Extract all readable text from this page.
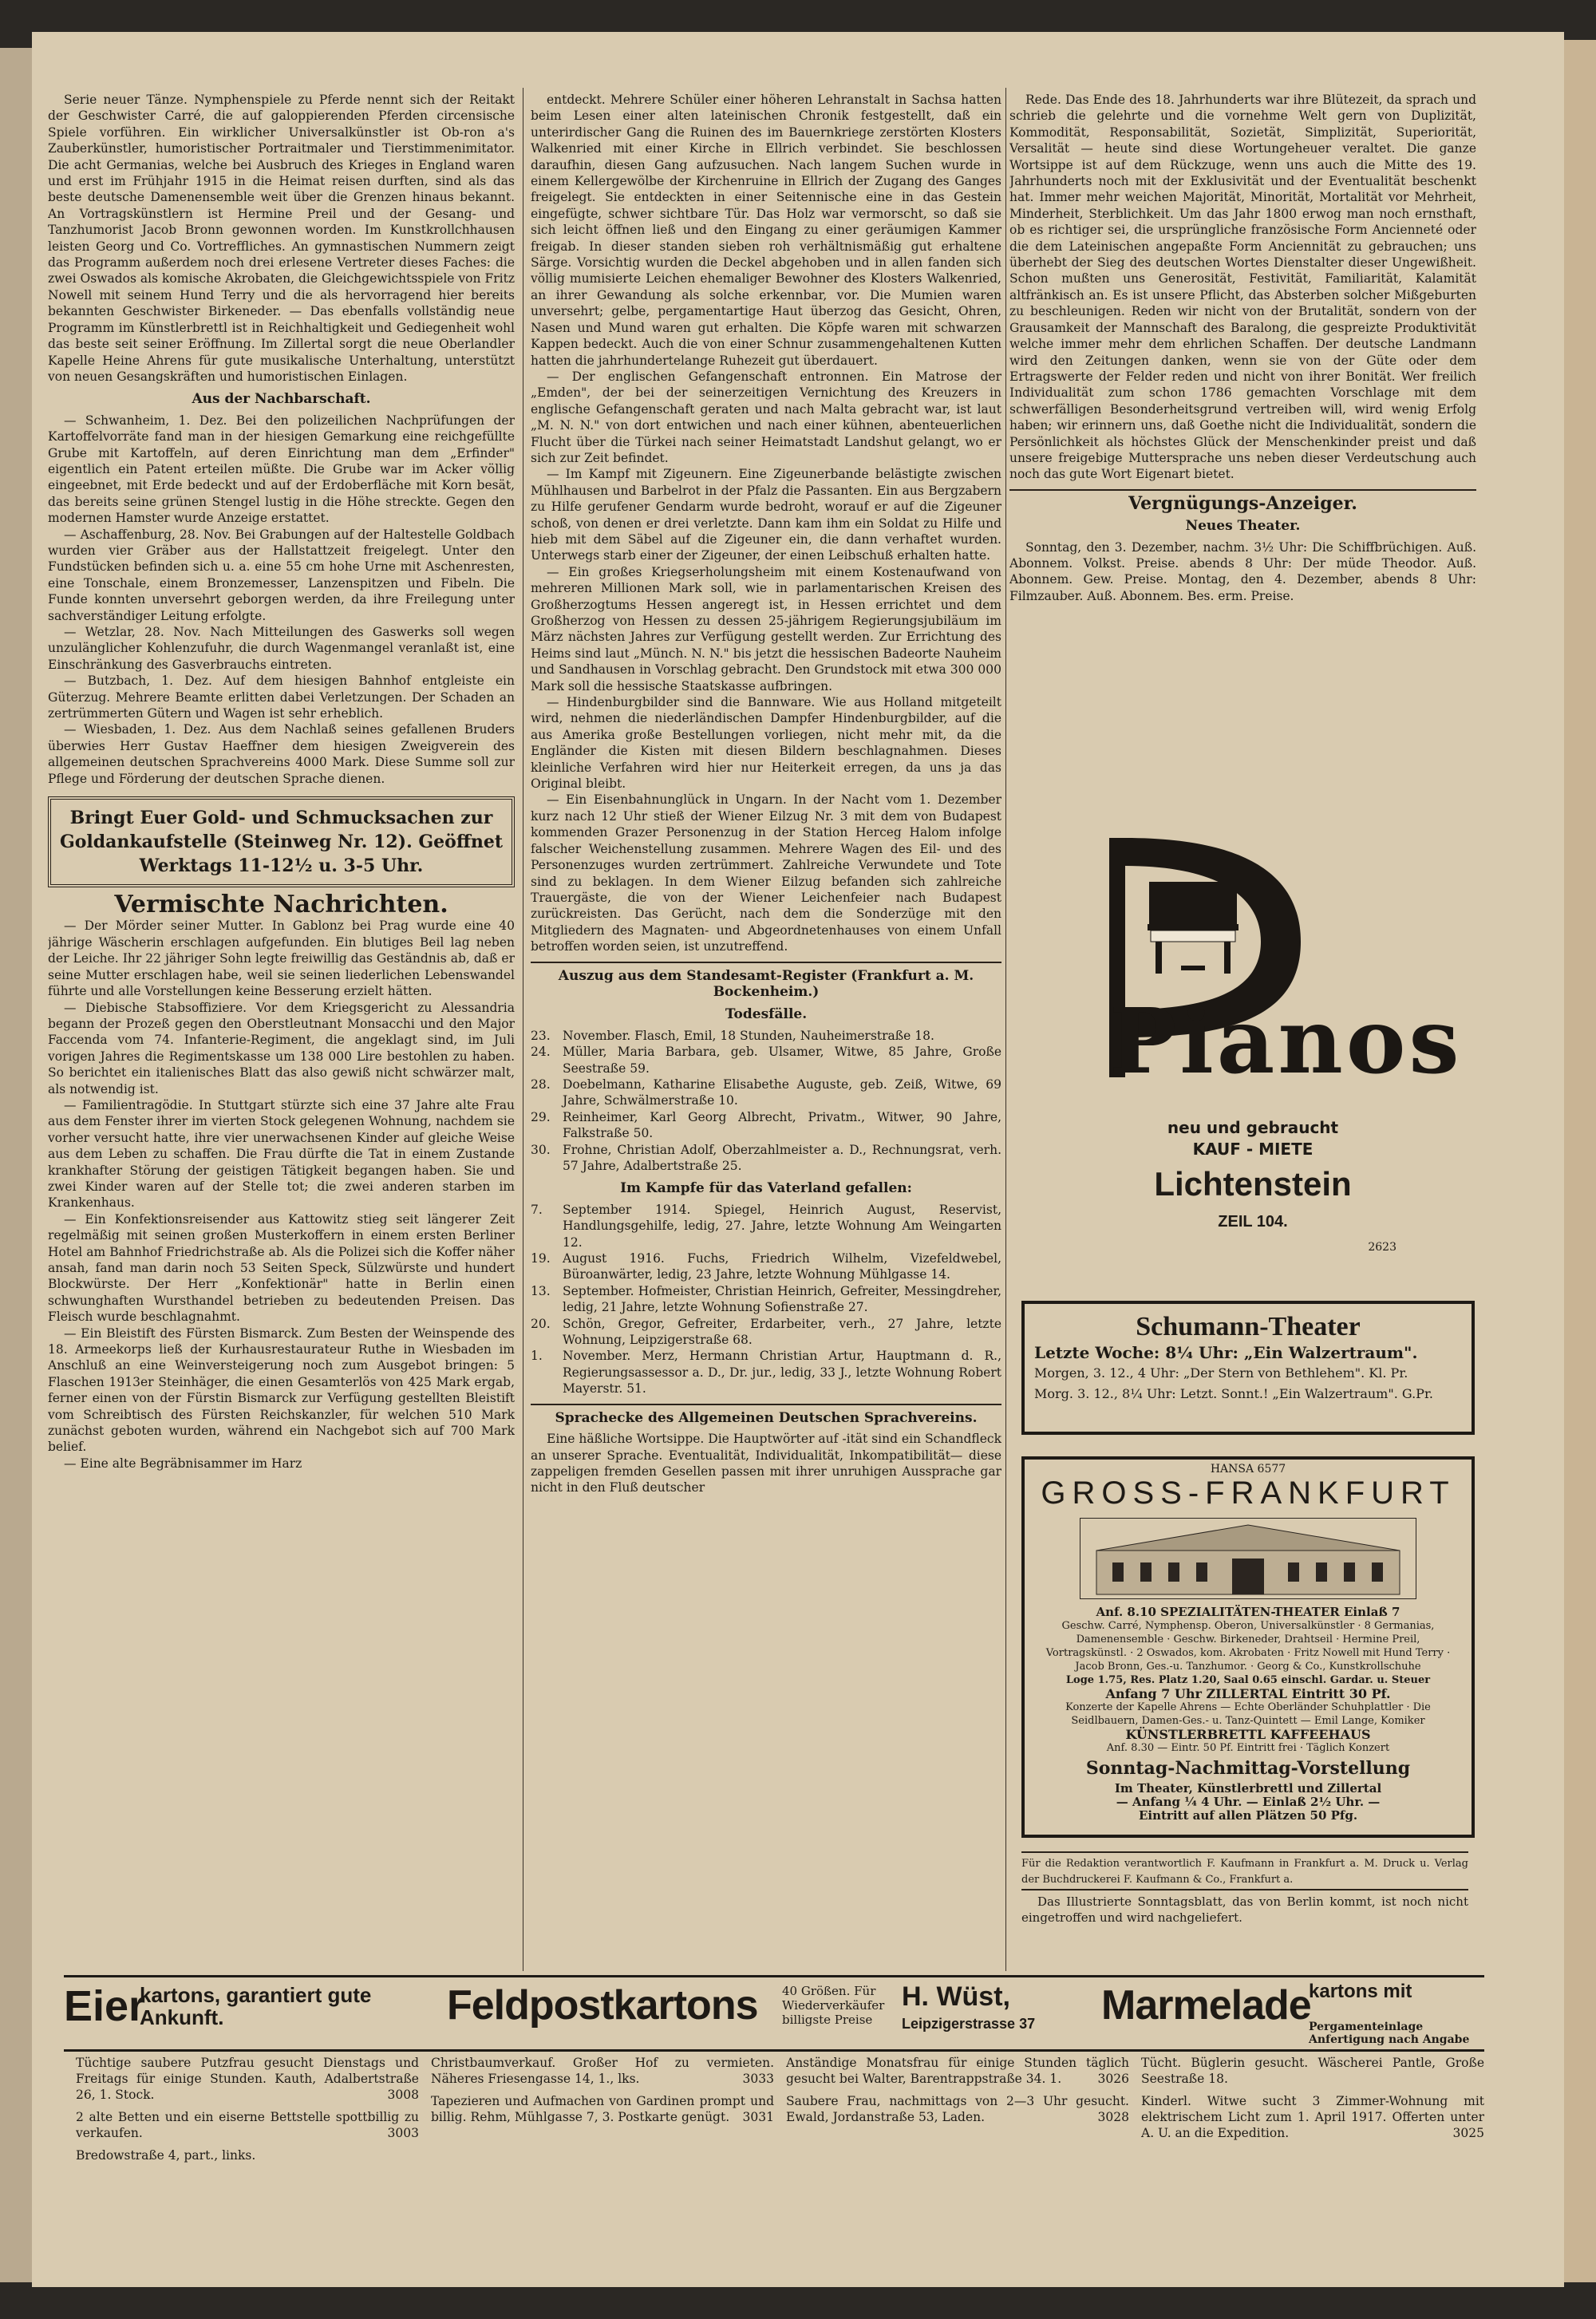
Serie neuer Tänze. Nymphenspiele zu Pferde nennt sich der Reitakt der Geschwister Carré, die auf galoppierenden Pferden circensische Spiele vorführen. Ein wirklicher Universalkünstler ist Ob-ron a's Zauberkünstler, humoristischer Portraitmaler und Tierstimmenimitator. Die acht Germanias, welche bei Ausbruch des Krieges in England waren und erst im Frühjahr 1915 in die Heimat reisen durften, sind als das beste deutsche Damenensemble weit über die Grenzen hinaus bekannt. An Vortragskünstlern ist Hermine Preil und der Gesang- und Tanzhumorist Jacob Bronn gewonnen worden. Im Kunstkrollchhausen leisten Georg und Co. Vortreffliches. An gymnastischen Nummern zeigt das Programm außerdem noch drei erlesene Vertreter dieses Faches: die zwei Oswados als komische Akrobaten, die Gleichgewichtsspiele von Fritz Nowell mit seinem Hund Terry und die als hervorragend hier bereits bekannten Geschwister Birkeneder. — Das ebenfalls vollständig neue Programm im Künstlerbrettl ist in Reichhaltigkeit und Gediegenheit wohl das beste seit seiner Eröffnung. Im Zillertal sorgt die neue Oberlandler Kapelle Heine Ahrens für gute musikalische Unterhaltung, unterstützt von neuen Gesangskräften und humoristischen Einlagen.

Aus der Nachbarschaft.

— Schwanheim, 1. Dez. Bei den polizeilichen Nachprüfungen der Kartoffelvorräte fand man in der hiesigen Gemarkung eine reichgefüllte Grube mit Kartoffeln, auf deren Einrichtung man dem „Erfinder" eigentlich ein Patent erteilen müßte. Die Grube war im Acker völlig eingeebnet, mit Erde bedeckt und auf der Erdoberfläche mit Korn besät, das bereits seine grünen Stengel lustig in die Höhe streckte. Gegen den modernen Hamster wurde Anzeige erstattet.

— Aschaffenburg, 28. Nov. Bei Grabungen auf der Haltestelle Goldbach wurden vier Gräber aus der Hallstattzeit freigelegt. Unter den Fundstücken befinden sich u. a. eine 55 cm hohe Urne mit Aschenresten, eine Tonschale, einem Bronzemesser, Lanzenspitzen und Fibeln. Die Funde konnten unversehrt geborgen werden, da ihre Freilegung unter sachverständiger Leitung erfolgte.

— Wetzlar, 28. Nov. Nach Mitteilungen des Gaswerks soll wegen unzulänglicher Kohlenzufuhr, die durch Wagenmangel veranlaßt ist, eine Einschränkung des Gasverbrauchs eintreten.

— Butzbach, 1. Dez. Auf dem hiesigen Bahnhof entgleiste ein Güterzug. Mehrere Beamte erlitten dabei Verletzungen. Der Schaden an zertrümmerten Gütern und Wagen ist sehr erheblich.

— Wiesbaden, 1. Dez. Aus dem Nachlaß seines gefallenen Bruders überwies Herr Gustav Haeffner dem hiesigen Zweigverein des allgemeinen deutschen Sprachvereins 4000 Mark. Diese Summe soll zur Pflege und Förderung der deutschen Sprache dienen.

Bringt Euer Gold- und Schmucksachen zur Goldankaufstelle (Steinweg Nr. 12). Geöffnet Werktags 11-12½ u. 3-5 Uhr.
Vermischte Nachrichten.

— Der Mörder seiner Mutter. In Gablonz bei Prag wurde eine 40 jährige Wäscherin erschlagen aufgefunden. Ein blutiges Beil lag neben der Leiche. Ihr 22 jähriger Sohn legte freiwillig das Geständnis ab, daß er seine Mutter erschlagen habe, weil sie seinen liederlichen Lebenswandel führte und alle Vorstellungen keine Besserung erzielt hätten.

— Diebische Stabsoffiziere. Vor dem Kriegsgericht zu Alessandria begann der Prozeß gegen den Oberstleutnant Monsacchi und den Major Faccenda vom 74. Infanterie-Regiment, die angeklagt sind, im Juli vorigen Jahres die Regimentskasse um 138 000 Lire bestohlen zu haben. So berichtet ein italienisches Blatt das also gewiß nicht schwärzer malt, als notwendig ist.

— Familientragödie. In Stuttgart stürzte sich eine 37 Jahre alte Frau aus dem Fenster ihrer im vierten Stock gelegenen Wohnung, nachdem sie vorher versucht hatte, ihre vier unerwachsenen Kinder auf gleiche Weise aus dem Leben zu schaffen. Die Frau dürfte die Tat in einem Zustande krankhafter Störung der geistigen Tätigkeit begangen haben. Sie und zwei Kinder waren auf der Stelle tot; die zwei anderen starben im Krankenhaus.

— Ein Konfektionsreisender aus Kattowitz stieg seit längerer Zeit regelmäßig mit seinen großen Musterkoffern in einem ersten Berliner Hotel am Bahnhof Friedrichstraße ab. Als die Polizei sich die Koffer näher ansah, fand man darin noch 53 Seiten Speck, Sülzwürste und hundert Blockwürste. Der Herr „Konfektionär" hatte in Berlin einen schwunghaften Wursthandel betrieben zu bedeutenden Preisen. Das Fleisch wurde beschlagnahmt.

— Ein Bleistift des Fürsten Bismarck. Zum Besten der Weinspende des 18. Armeekorps ließ der Kurhausrestaurateur Ruthe in Wiesbaden im Anschluß an eine Weinversteigerung noch zum Ausgebot bringen: 5 Flaschen 1913er Steinhäger, die einen Gesamterlös von 425 Mark ergab, ferner einen von der Fürstin Bismarck zur Verfügung gestellten Bleistift vom Schreibtisch des Fürsten Reichskanzler, für welchen 510 Mark zunächst geboten wurden, während ein Nachgebot sich auf 700 Mark belief.

— Eine alte Begräbnisammer im Harz

entdeckt. Mehrere Schüler einer höheren Lehranstalt in Sachsa hatten beim Lesen einer alten lateinischen Chronik festgestellt, daß ein unterirdischer Gang die Ruinen des im Bauernkriege zerstörten Klosters Walkenried mit einer Kirche in Ellrich verbindet. Sie beschlossen daraufhin, diesen Gang aufzusuchen. Nach langem Suchen wurde in einem Kellergewölbe der Kirchenruine in Ellrich der Zugang des Ganges freigelegt. Sie entdeckten in einer Seitennische eine in das Gestein eingefügte, schwer sichtbare Tür. Das Holz war vermorscht, so daß sie sich leicht öffnen ließ und den Eingang zu einer geräumigen Kammer freigab. In dieser standen sieben roh verhältnismäßig gut erhaltene Särge. Vorsichtig wurden die Deckel abgehoben und in allen fanden sich völlig mumisierte Leichen ehemaliger Bewohner des Klosters Walkenried, an ihrer Gewandung als solche erkennbar, vor. Die Mumien waren unversehrt; gelbe, pergamentartige Haut überzog das Gesicht, Ohren, Nasen und Mund waren gut erhalten. Die Köpfe waren mit schwarzen Kappen bedeckt. Auch die von einer Schnur zusammengehaltenen Kutten hatten die jahrhundertelange Ruhezeit gut überdauert.

— Der englischen Gefangenschaft entronnen. Ein Matrose der „Emden", der bei der seinerzeitigen Vernichtung des Kreuzers in englische Gefangenschaft geraten und nach Malta gebracht war, ist laut „M. N. N." von dort entwichen und nach einer kühnen, abenteuerlichen Flucht über die Türkei nach seiner Heimatstadt Landshut gelangt, wo er sich zur Zeit befindet.

— Im Kampf mit Zigeunern. Eine Zigeunerbande belästigte zwischen Mühlhausen und Barbelrot in der Pfalz die Passanten. Ein aus Bergzabern zu Hilfe gerufener Gendarm wurde bedroht, worauf er auf die Zigeuner schoß, von denen er drei verletzte. Dann kam ihm ein Soldat zu Hilfe und hieb mit dem Säbel auf die Zigeuner ein, die dann verhaftet wurden. Unterwegs starb einer der Zigeuner, der einen Leibschuß erhalten hatte.

— Ein großes Kriegserholungsheim mit einem Kostenaufwand von mehreren Millionen Mark soll, wie in parlamentarischen Kreisen des Großherzogtums Hessen angeregt ist, in Hessen errichtet und dem Großherzog von Hessen zu dessen 25-jährigem Regierungsjubiläum im März nächsten Jahres zur Verfügung gestellt werden. Zur Errichtung des Heims sind laut „Münch. N. N." bis jetzt die hessischen Badeorte Nauheim und Sandhausen in Vorschlag gebracht. Den Grundstock mit etwa 300 000 Mark soll die hessische Staatskasse aufbringen.

— Hindenburgbilder sind die Bannware. Wie aus Holland mitgeteilt wird, nehmen die niederländischen Dampfer Hindenburgbilder, auf die aus Amerika große Bestellungen vorliegen, nicht mehr mit, da die Engländer die Kisten mit diesen Bildern beschlagnahmen. Dieses kleinliche Verfahren wird hier nur Heiterkeit erregen, da uns ja das Original bleibt.

— Ein Eisenbahnunglück in Ungarn. In der Nacht vom 1. Dezember kurz nach 12 Uhr stieß der Wiener Eilzug Nr. 3 mit dem von Budapest kommenden Grazer Personenzug in der Station Herceg Halom infolge falscher Weichenstellung zusammen. Mehrere Wagen des Eil- und des Personenzuges wurden zertrümmert. Zahlreiche Verwundete und Tote sind zu beklagen. In dem Wiener Eilzug befanden sich zahlreiche Trauergäste, die von der Wiener Leichenfeier nach Budapest zurückreisten. Das Gerücht, nach dem die Sonderzüge mit den Mitgliedern des Magnaten- und Abgeordnetenhauses von einem Unfall betroffen worden seien, ist unzutreffend.

Auszug aus dem Standesamt-Register (Frankfurt a. M. Bockenheim.)
Todesfälle.

23. November. Flasch, Emil, 18 Stunden, Nauheimerstraße 18.

24. Müller, Maria Barbara, geb. Ulsamer, Witwe, 85 Jahre, Große Seestraße 59.

28. Doebelmann, Katharine Elisabethe Auguste, geb. Zeiß, Witwe, 69 Jahre, Schwälmerstraße 10.

29. Reinheimer, Karl Georg Albrecht, Privatm., Witwer, 90 Jahre, Falkstraße 50.

30. Frohne, Christian Adolf, Oberzahlmeister a. D., Rechnungsrat, verh. 57 Jahre, Adalbertstraße 25.

Im Kampfe für das Vaterland gefallen:

7. September 1914. Spiegel, Heinrich August, Reservist, Handlungsgehilfe, ledig, 27. Jahre, letzte Wohnung Am Weingarten 12.

19. August 1916. Fuchs, Friedrich Wilhelm, Vizefeldwebel, Büroanwärter, ledig, 23 Jahre, letzte Wohnung Mühlgasse 14.

13. September. Hofmeister, Christian Heinrich, Gefreiter, Messingdreher, ledig, 21 Jahre, letzte Wohnung Sofienstraße 27.

20. Schön, Gregor, Gefreiter, Erdarbeiter, verh., 27 Jahre, letzte Wohnung, Leipzigerstraße 68.

1. November. Merz, Hermann Christian Artur, Hauptmann d. R., Regierungsassessor a. D., Dr. jur., ledig, 33 J., letzte Wohnung Robert Mayerstr. 51.

Sprachecke des Allgemeinen Deutschen Sprachvereins.

Eine häßliche Wortsippe. Die Hauptwörter auf -ität sind ein Schandfleck an unserer Sprache. Eventualität, Individualität, Inkompatibilität— diese zappeligen fremden Gesellen passen mit ihrer unruhigen Aussprache gar nicht in den Fluß deutscher

Rede. Das Ende des 18. Jahrhunderts war ihre Blütezeit, da sprach und schrieb die gelehrte und die vornehme Welt gern von Duplizität, Kommodität, Responsabilität, Sozietät, Simplizität, Superiorität, Versalität — heute sind diese Wortungeheuer veraltet. Die ganze Wortsippe ist auf dem Rückzuge, wenn uns auch die Mitte des 19. Jahrhunderts noch mit der Exklusivität und der Eventualität beschenkt hat. Immer mehr weichen Majorität, Minorität, Mortalität vor Mehrheit, Minderheit, Sterblichkeit. Um das Jahr 1800 erwog man noch ernsthaft, ob es richtiger sei, die ursprüngliche französische Form Ancienneté oder die dem Lateinischen angepaßte Form Anciennität zu gebrauchen; uns überhebt der Sieg des deutschen Wortes Dienstalter dieser Ungewißheit. Schon mußten uns Generosität, Festivität, Familiarität, Kalamität altfränkisch an. Es ist unsere Pflicht, das Absterben solcher Mißgeburten zu beschleunigen. Reden wir nicht von der Brutalität, sondern von der Grausamkeit der Mannschaft des Baralong, die gespreizte Produktivität welche immer mehr dem ehrlichen Schaffen. Der deutsche Landmann wird den Zeitungen danken, wenn sie von der Güte oder dem Ertragswerte der Felder reden und nicht von ihrer Bonität. Wer freilich Individualität zum schon 1786 gemachten Vorschlage mit dem schwerfälligen Besonderheitsgrund vertreiben will, wird wenig Erfolg haben; wir erinnern uns, daß Goethe nicht die Individualität, sondern die Persönlichkeit als höchstes Glück der Menschenkinder preist und daß unsere freigebige Muttersprache uns neben dieser Verdeutschung auch noch das gute Wort Eigenart bietet.

Vergnügungs-Anzeiger.
Neues Theater.

Sonntag, den 3. Dezember, nachm. 3½ Uhr: Die Schiffbrüchigen. Auß. Abonnem. Volkst. Preise. abends 8 Uhr: Der müde Theodor. Auß. Abonnem. Gew. Preise. Montag, den 4. Dezember, abends 8 Uhr: Filmzauber. Auß. Abonnem. Bes. erm. Preise.

Pianos
neu und gebraucht
KAUF - MIETE
Lichtenstein
ZEIL 104.
2623
Schumann-Theater
Letzte Woche: 8¼ Uhr: „Ein Walzertraum".
Morgen, 3. 12., 4 Uhr: „Der Stern von Bethlehem". Kl. Pr.
Morg. 3. 12., 8¼ Uhr: Letzt. Sonnt.! „Ein Walzertraum". G.Pr.
HANSA 6577
GROSS-FRANKFURT
Anf. 8.10 SPEZIALITÄTEN-THEATER Einlaß 7
Geschw. Carré, Nymphensp. Oberon, Universalkünstler · 8 Germanias, Damenensemble · Geschw. Birkeneder, Drahtseil · Hermine Preil, Vortragskünstl. · 2 Oswados, kom. Akrobaten · Fritz Nowell mit Hund Terry · Jacob Bronn, Ges.-u. Tanzhumor. · Georg & Co., Kunstkrollschuhe
Loge 1.75, Res. Platz 1.20, Saal 0.65 einschl. Gardar. u. Steuer
Anfang 7 Uhr ZILLERTAL Eintritt 30 Pf.
Konzerte der Kapelle Ahrens — Echte Oberländer Schuhplattler · Die Seidlbauern, Damen-Ges.- u. Tanz-Quintett — Emil Lange, Komiker
KÜNSTLERBRETTL KAFFEEHAUS
Anf. 8.30 — Eintr. 50 Pf. Eintritt frei · Täglich Konzert
Sonntag-Nachmittag-Vorstellung
Im Theater, Künstlerbrettl und Zillertal
— Anfang ¼ 4 Uhr. — Einlaß 2½ Uhr. —
Eintritt auf allen Plätzen 50 Pfg.

Für die Redaktion verantwortlich F. Kaufmann in Frankfurt a. M. Druck u. Verlag der Buchdruckerei F. Kaufmann & Co., Frankfurt a.

Das Illustrierte Sonntagsblatt, das von Berlin kommt, ist noch nicht eingetroffen und wird nachgeliefert.

Eier
kartons, garantiert gute Ankunft.	Feldpostkartons 40 Größen. Für Wiederverkäufer billigste Preise
H. Wüst,
Leipzigerstrasse 37 Marmelade
kartons mit
Pergamenteinlage Anfertigung nach Angabe

Tüchtige saubere Putzfrau gesucht Dienstags und Freitags für einige Stunden. Kauth, Adalbertstraße 26, 1. Stock.	3008

2 alte Betten und ein eiserne Bettstelle spottbillig zu verkaufen.	3003

Bredowstraße 4, part., links.

Christbaumverkauf. Großer Hof zu vermieten. Näheres Friesengasse 14, 1., lks.	3033

Tapezieren und Aufmachen von Gardinen prompt und billig. Rehm, Mühlgasse 7, 3. Postkarte genügt. 3031

Anständige Monatsfrau für einige Stunden täglich gesucht bei Walter, Barentrappstraße 34. 1.	3026

Saubere Frau, nachmittags von 2—3 Uhr gesucht. Ewald, Jordanstraße 53, Laden.	3028

Tücht. Büglerin gesucht. Wäscherei Pantle, Große Seestraße 18.

Kinderl. Witwe sucht 3 Zimmer-Wohnung mit elektrischem Licht zum 1. April 1917. Offerten unter A. U. an die Expedition.	3025
